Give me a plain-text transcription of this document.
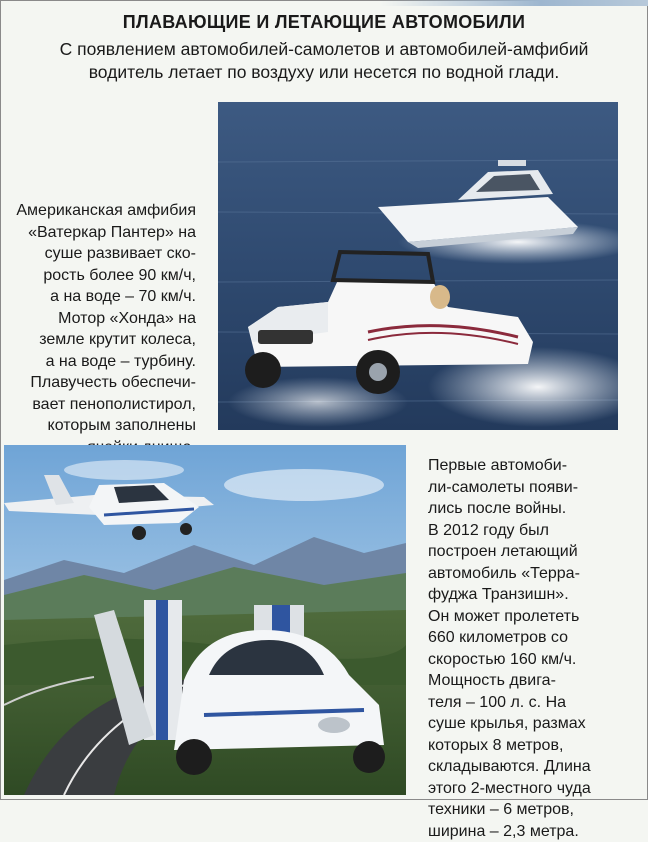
ПЛАВАЮЩИЕ И ЛЕТАЮЩИЕ АВТОМОБИЛИ
С появлением автомобилей-самолетов и автомобилей-амфибий
водитель летает по воздуху или несется по водной глади.
Американская амфибия
«Ватеркар Пантер» на
суше развивает ско-
рость более 90 км/ч,
а на воде – 70 км/ч.
Мотор «Хонда» на
земле крутит колеса,
а на воде – турбину.
Плавучесть обеспечи-
вает пенополистирол,
которым заполнены
Первые автомоби-
ли-самолеты появи-
лись после войны.
В 2012 году был
построен летающий
автомобиль «Терра-
фуджа Транзишн».
Он может пролететь
660 километров со
скоростью 160 км/ч.
Мощность двига-
теля – 100 л. с. На
суше крылья, размах
которых 8 метров,
складываются. Длина
этого 2-местного чуда
техники – 6 метров,
ширина – 2,3 метра.
